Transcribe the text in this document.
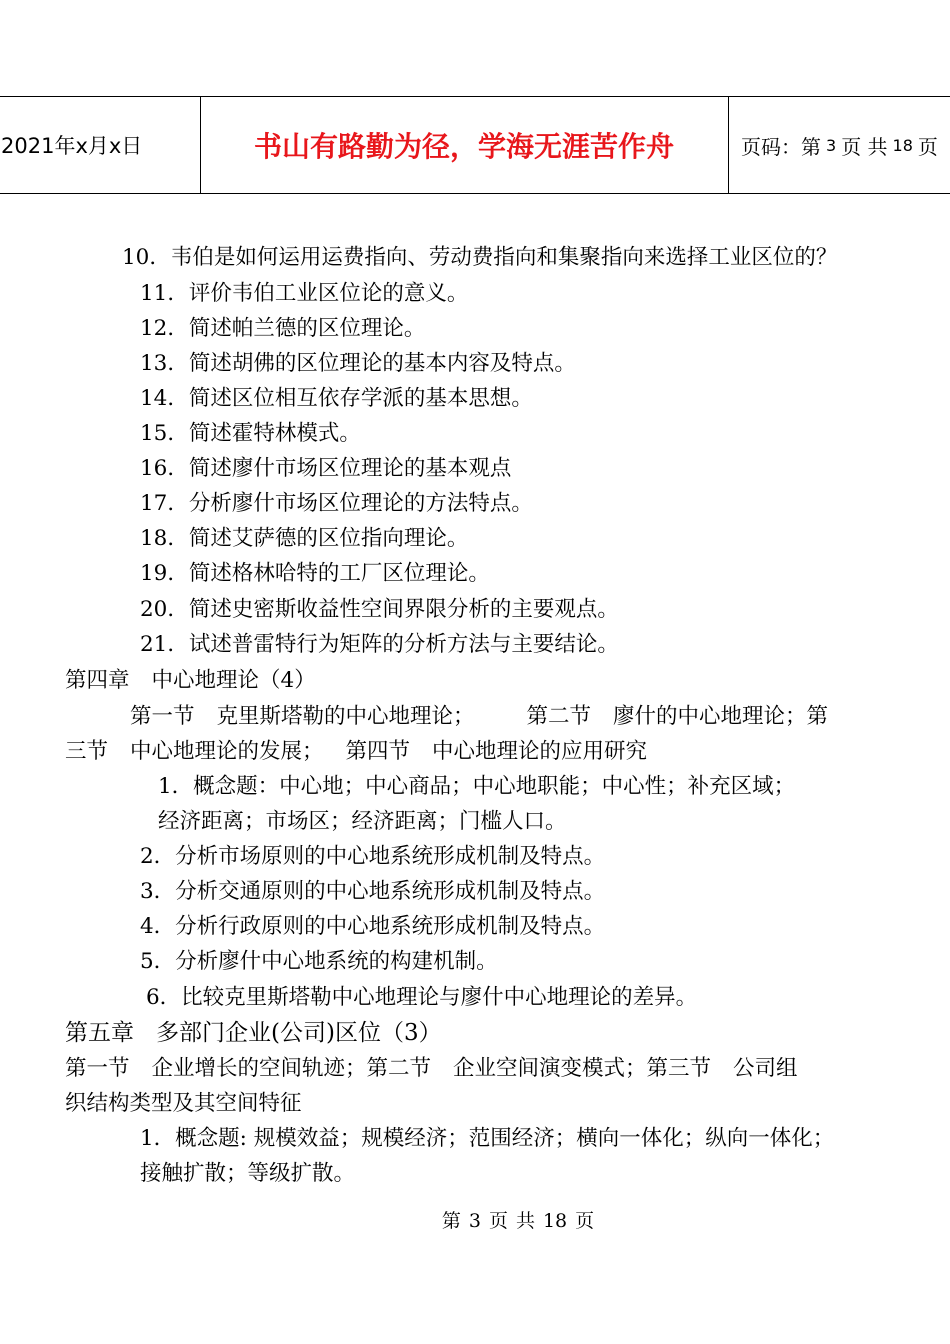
2021年x月x日	书山有路勤为径，学海无涯苦作舟	页码：第 3 页 共 18 页
10．韦伯是如何运用运费指向、劳动费指向和集聚指向来选择工业区位的？
11．评价韦伯工业区位论的意义。
12．简述帕兰德的区位理论。
13．简述胡佛的区位理论的基本内容及特点。
14．简述区位相互依存学派的基本思想。
15．简述霍特林模式。
16．简述廖什市场区位理论的基本观点
17．分析廖什市场区位理论的方法特点。
18．简述艾萨德的区位指向理论。
19．简述格林哈特的工厂区位理论。
20．简述史密斯收益性空间界限分析的主要观点。
21．试述普雷特行为矩阵的分析方法与主要结论。
第四章 中心地理论（4）
第一节 克里斯塔勒的中心地理论； 第二节 廖什的中心地理论；第
三节 中心地理论的发展； 第四节 中心地理论的应用研究
1．概念题：中心地；中心商品；中心地职能；中心性；补充区域；
经济距离；市场区；经济距离；门槛人口。
2．分析市场原则的中心地系统形成机制及特点。
3．分析交通原则的中心地系统形成机制及特点。
4．分析行政原则的中心地系统形成机制及特点。
5．分析廖什中心地系统的构建机制。
6．比较克里斯塔勒中心地理论与廖什中心地理论的差异。
第五章 多部门企业(公司)区位（3）
第一节 企业增长的空间轨迹；第二节 企业空间演变模式；第三节 公司组
织结构类型及其空间特征
1．概念题: 规模效益；规模经济；范围经济；横向一体化；纵向一体化；
接触扩散；等级扩散。
第 3 页 共 18 页
